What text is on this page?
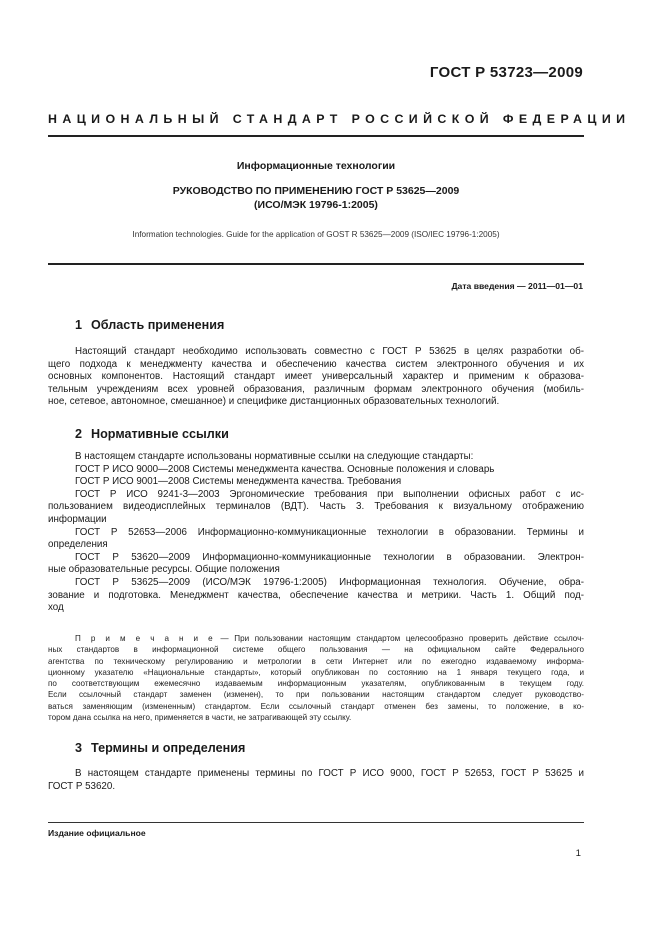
ГОСТ Р 53723—2009
НАЦИОНАЛЬНЫЙ СТАНДАРТ РОССИЙСКОЙ ФЕДЕРАЦИИ
Информационные технологии
РУКОВОДСТВО ПО ПРИМЕНЕНИЮ ГОСТ Р 53625—2009
(ИСО/МЭК 19796-1:2005)
Information technologies. Guide for the application of GOST R 53625—2009 (ISO/IEC 19796-1:2005)
Дата введения — 2011—01—01
1 Область применения
Настоящий стандарт необходимо использовать совместно с ГОСТ Р 53625 в целях разработки об-
щего подхода к менеджменту качества и обеспечению качества систем электронного обучения и их
основных компонентов. Настоящий стандарт имеет универсальный характер и применим к образова-
тельным учреждениям всех уровней образования, различным формам электронного обучения (мобиль-
ное, сетевое, автономное, смешанное) и специфике дистанционных образовательных технологий.
2 Нормативные ссылки
В настоящем стандарте использованы нормативные ссылки на следующие стандарты:
ГОСТ Р ИСО 9000—2008 Системы менеджмента качества. Основные положения и словарь
ГОСТ Р ИСО 9001—2008 Системы менеджмента качества. Требования
ГОСТ Р ИСО 9241-3—2003 Эргономические требования при выполнении офисных работ с ис-
пользованием видеодисплейных терминалов (ВДТ). Часть 3. Требования к визуальному отображению
информации
ГОСТ Р 52653—2006 Информационно-коммуникационные технологии в образовании. Термины и
определения
ГОСТ Р 53620—2009 Информационно-коммуникационные технологии в образовании. Электрон-
ные образовательные ресурсы. Общие положения
ГОСТ Р 53625—2009 (ИСО/МЭК 19796-1:2005) Информационная технология. Обучение, обра-
зование и подготовка. Менеджмент качества, обеспечение качества и метрики. Часть 1. Общий под-
ход
П р и м е ч а н и е — При пользовании настоящим стандартом целесообразно проверить действие ссылоч-
ных стандартов в информационной системе общего пользования — на официальном сайте Федерального
агентства по техническому регулированию и метрологии в сети Интернет или по ежегодно издаваемому информа-
ционному указателю «Национальные стандарты», который опубликован по состоянию на 1 января текущего года, и
по соответствующим ежемесячно издаваемым информационным указателям, опубликованным в текущем году.
Если ссылочный стандарт заменен (изменен), то при пользовании настоящим стандартом следует руководство-
ваться заменяющим (измененным) стандартом. Если ссылочный стандарт отменен без замены, то положение, в ко-
тором дана ссылка на него, применяется в части, не затрагивающей эту ссылку.
3 Термины и определения
В настоящем стандарте применены термины по ГОСТ Р ИСО 9000, ГОСТ Р 52653, ГОСТ Р 53625 и
ГОСТ Р 53620.
Издание официальное
1
